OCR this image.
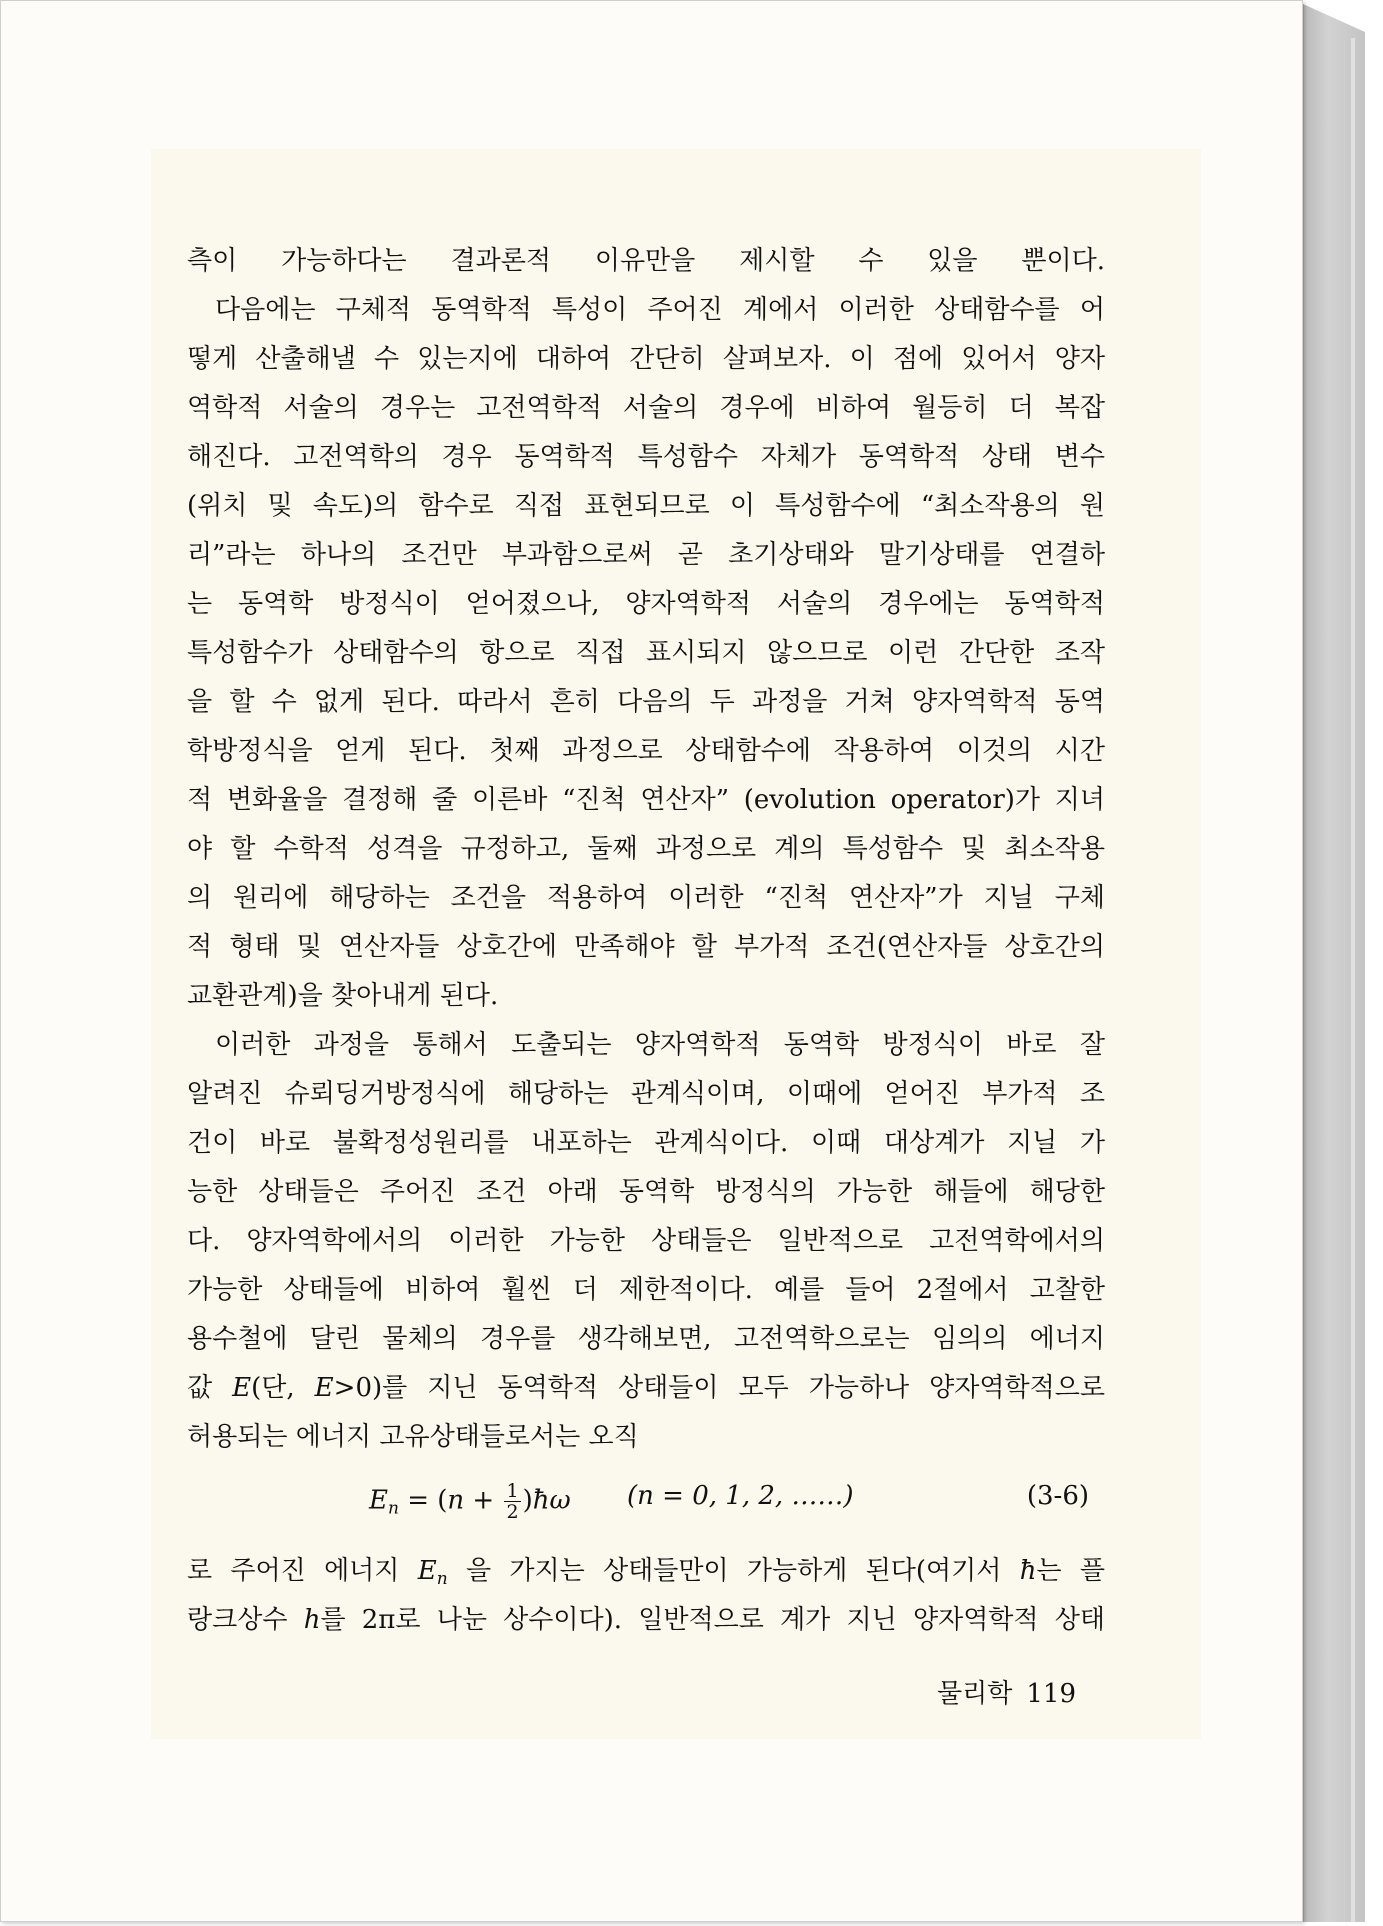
측이 가능하다는 결과론적 이유만을 제시할 수 있을 뿐이다.
다음에는 구체적 동역학적 특성이 주어진 계에서 이러한 상태함수를 어
떻게 산출해낼 수 있는지에 대하여 간단히 살펴보자. 이 점에 있어서 양자
역학적 서술의 경우는 고전역학적 서술의 경우에 비하여 월등히 더 복잡
해진다. 고전역학의 경우 동역학적 특성함수 자체가 동역학적 상태 변수
(위치 및 속도)의 함수로 직접 표현되므로 이 특성함수에 “최소작용의 원
리”라는 하나의 조건만 부과함으로써 곧 초기상태와 말기상태를 연결하
는 동역학 방정식이 얻어졌으나, 양자역학적 서술의 경우에는 동역학적
특성함수가 상태함수의 항으로 직접 표시되지 않으므로 이런 간단한 조작
을 할 수 없게 된다. 따라서 흔히 다음의 두 과정을 거쳐 양자역학적 동역
학방정식을 얻게 된다. 첫째 과정으로 상태함수에 작용하여 이것의 시간
적 변화율을 결정해 줄 이른바 “진척 연산자” (evolution operator)가 지녀
야 할 수학적 성격을 규정하고, 둘째 과정으로 계의 특성함수 및 최소작용
의 원리에 해당하는 조건을 적용하여 이러한 “진척 연산자”가 지닐 구체
적 형태 및 연산자들 상호간에 만족해야 할 부가적 조건(연산자들 상호간의
교환관계)을 찾아내게 된다.
이러한 과정을 통해서 도출되는 양자역학적 동역학 방정식이 바로 잘
알려진 슈뢰딩거방정식에 해당하는 관계식이며, 이때에 얻어진 부가적 조
건이 바로 불확정성원리를 내포하는 관계식이다. 이때 대상계가 지닐 가
능한 상태들은 주어진 조건 아래 동역학 방정식의 가능한 해들에 해당한
다. 양자역학에서의 이러한 가능한 상태들은 일반적으로 고전역학에서의
가능한 상태들에 비하여 훨씬 더 제한적이다. 예를 들어 2절에서 고찰한
용수철에 달린 물체의 경우를 생각해보면, 고전역학으로는 임의의 에너지
값 E(단, E>0)를 지닌 동역학적 상태들이 모두 가능하나 양자역학적으로
허용되는 에너지 고유상태들로서는 오직
$E_n = (n + \frac{1}{2}$ )ħω (n = 0, 1, 2, ……)	(3-6)
로 주어진 에너지 $E_n$ 을 가지는 상태들만이 가능하게 된다(여기서 ħ는 플
랑크상수 h를 2π로 나눈 상수이다). 일반적으로 계가 지닌 양자역학적 상태
물리학 119
